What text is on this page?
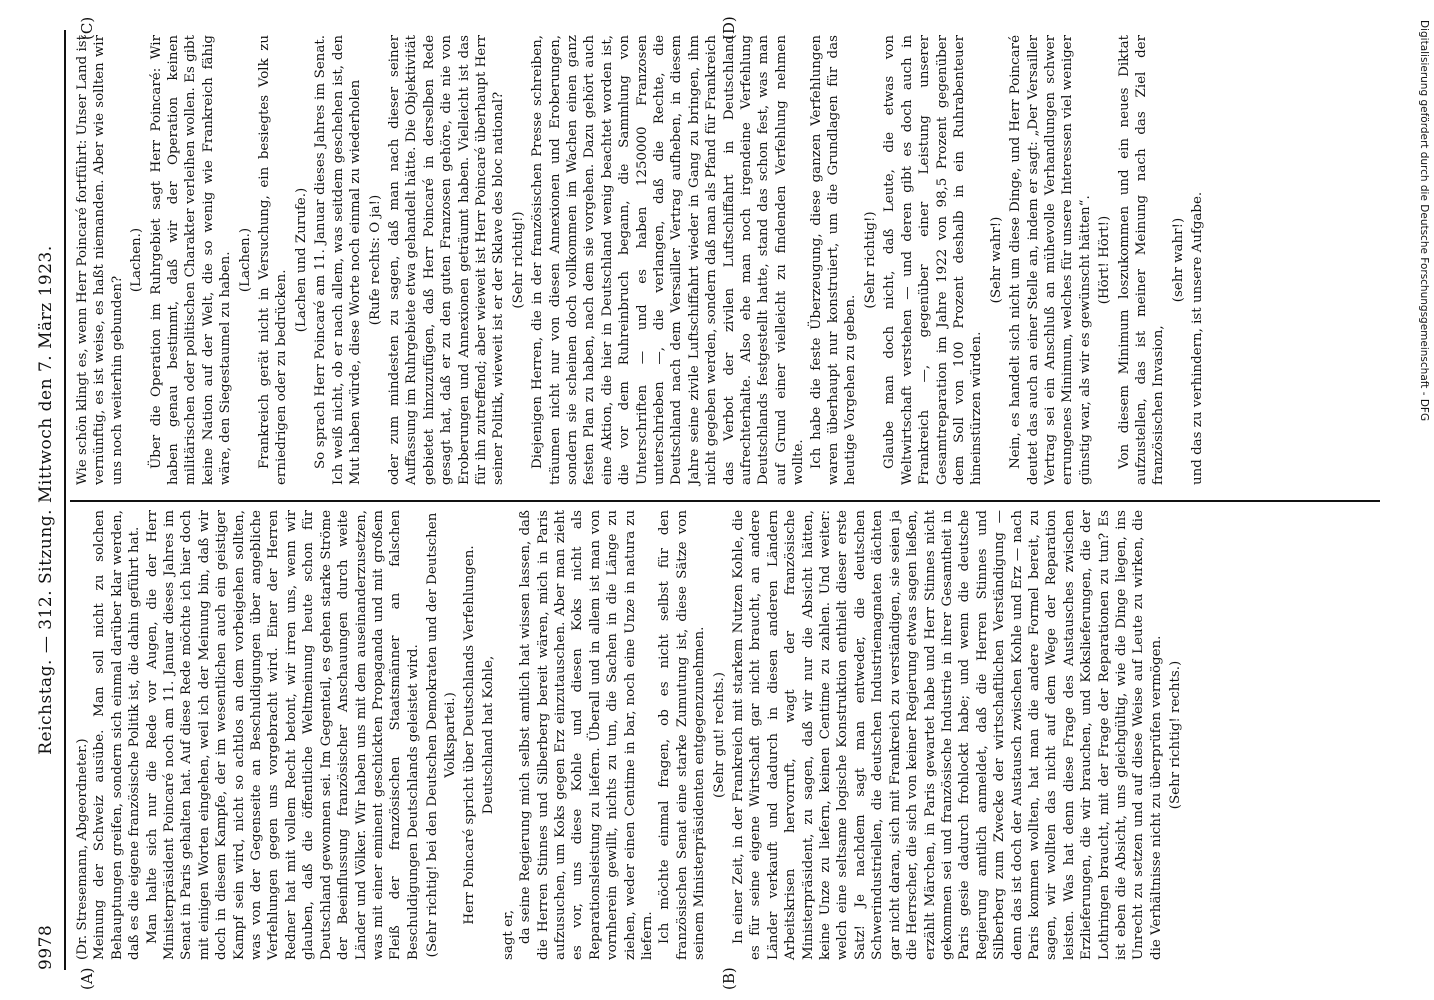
9978
Reichstag. — 312. Sitzung. Mittwoch den 7. März 1923.
(A)	(B)
(C)	(D)

(Dr. Stresemann, Abgeordneter.) Meinung der Schweiz ausübe. Man soll nicht zu solchen Behauptungen greifen, sondern sich einmal darüber klar werden, daß es die eigene französische Politik ist, die dahin geführt hat. Man halte sich nur die Rede vor Augen, die der Herr Ministerpräsident Poincaré noch am 11. Januar dieses Jahres im Senat in Paris gehalten hat. Auf diese Rede möchte ich hier doch mit einigen Worten eingehen, weil ich der Meinung bin, daß wir doch in diesem Kampfe, der im wesentlichen auch ein geistiger Kampf sein wird, nicht so achtlos an dem vorbeigehen sollten, was von der Gegenseite an Beschuldigungen über angebliche Verfehlungen gegen uns vorgebracht wird. Einer der Herren Redner hat mit vollem Recht betont, wir irren uns, wenn wir glauben, daß die öffentliche Weltmeinung heute schon für Deutschland gewonnen sei. Im Gegenteil, es gehen starke Ströme der Beeinflussung französischer Anschauungen durch weite Länder und Völker. Wir haben uns mit dem auseinanderzusetzen, was mit einer eminent geschickten Propaganda und mit großem Fleiß der französischen Staatsmänner an falschen Beschuldigungen Deutschlands geleistet wird. (Sehr richtig! bei den Deutschen Demokraten und der Deutschen Volkspartei.) Herr Poincaré spricht über Deutschlands Verfehlungen. Deutschland hat Kohle,

sagt er, da seine Regierung mich selbst amtlich hat wissen lassen, daß die Herren Stinnes und Silberberg bereit wären, mich in Paris aufzusuchen, um Koks gegen Erz einzutauschen. Aber man zieht es vor, uns diese Kohle und diesen Koks nicht als Reparationsleistung zu liefern. Überall und in allem ist man von vornherein gewillt, nichts zu tun, die Sachen in die Länge zu ziehen, weder einen Centime in bar, noch eine Unze in natura zu liefern. Ich möchte einmal fragen, ob es nicht selbst für den französischen Senat eine starke Zumutung ist, diese Sätze von seinem Ministerpräsidenten entgegenzunehmen. (Sehr gut! rechts.) In einer Zeit, in der Frankreich mit starkem Nutzen Kohle, die es für seine eigene Wirtschaft gar nicht braucht, an andere Länder verkauft und dadurch in diesen anderen Ländern Arbeitskrisen hervorruft, wagt der französische Ministerpräsident, zu sagen, daß wir nur die Absicht hätten, keine Unze zu liefern, keinen Centime zu zahlen. Und weiter: welch eine seltsame logische Konstruktion enthielt dieser erste Satz! Je nachdem sagt man entweder, die deutschen Schwerindustriellen, die deutschen Industriemagnaten dächten gar nicht daran, sich mit Frankreich zu verständigen, sie seien ja die Herrscher, die sich von keiner Regierung etwas sagen ließen, erzählt Märchen, in Paris gewartet habe und Herr Stinnes nicht gekommen sei und französische Industrie in ihrer Gesamtheit in Paris gesie dadurch frohlockt habe; und wenn die deutsche Regierung amtlich anmeldet, daß die Herren Stinnes und Silberberg zum Zwecke der wirtschaftlichen Verständigung — denn das ist doch der Austausch zwischen Kohle und Erz — nach Paris kommen wollten, hat man die andere Formel bereit, zu sagen, wir wollten das nicht auf dem Wege der Reparation leisten. Was hat denn diese Frage des Austausches zwischen Erzlieferungen, die wir brauchen, und Kokslieferungen, die der Lothringen braucht, mit der Frage der Reparationen zu tun? Es ist eben die Absicht, uns gleichgültig, wie die Dinge liegen, ins Unrecht zu setzen und auf diese Weise auf Leute zu wirken, die die Verhältnisse nicht zu überprüfen vermögen. (Sehr richtig! rechts.)

Wie schön klingt es, wenn Herr Poincaré fortführt: Unser Land ist vernünftig, es ist weise, es haßt niemanden. Aber wie sollten wir uns noch weiterhin gebunden?

(Lachen.) Über die Operation im Ruhrgebiet sagt Herr Poincaré: Wir haben genau bestimmt, daß wir der Operation keinen militärischen oder politischen Charakter verleihen wollen. Es gibt keine Nation auf der Welt, die so wenig wie Frankreich fähig wäre, den Siegestaumel zu haben. (Lachen.) Frankreich gerät nicht in Versuchung, ein besiegtes Volk zu erniedrigen oder zu bedrücken.

(Lachen und Zurufe.) So sprach Herr Poincaré am 11. Januar dieses Jahres im Senat. Ich weiß nicht, ob er nach allem, was seitdem geschehen ist, den Mut haben würde, diese Worte noch einmal zu wiederholen (Rufe rechts: O ja!) oder zum mindesten zu sagen, daß man nach dieser seiner Auffassung im Ruhrgebiete etwa gehandelt hätte. Die Objektivität gebietet hinzuzufügen, daß Herr Poincaré in derselben Rede gesagt hat, daß er zu den guten Franzosen gehöre, die nie von Eroberungen und Annexionen geträumt haben. Vielleicht ist das für ihn zutreffend; aber wieweit ist Herr Poincaré überhaupt Herr seiner Politik, wieweit ist er der Sklave des bloc national? (Sehr richtig!) Diejenigen Herren, die in der französischen Presse schreiben, träumen nicht nur von diesen Annexionen und Eroberungen, sondern sie scheinen doch vollkommen im Wachen einen ganz festen Plan zu haben, nach dem sie vorgehen. Dazu gehört auch eine Aktion, die hier in Deutschland wenig beachtet worden ist, die vor dem Ruhreinbruch begann, die Sammlung von Unterschriften — und es haben 1250000 Franzosen unterschrieben —, die verlangen, daß die Rechte, die Deutschland nach dem Versailler Vertrag aufheben, in diesem Jahre seine zivile Luftschiffahrt wieder in Gang zu bringen, ihm nicht gegeben werden, sondern daß man als Pfand für Frankreich das Verbot der zivilen Luftschiffahrt in Deutschland aufrechterhalte. Also ehe man noch irgendeine Verfehlung Deutschlands festgestellt hatte, stand das schon fest, was man auf Grund einer vielleicht zu findenden Verfehlung nehmen wollte. Ich habe die feste Überzeugung, diese ganzen Verfehlungen waren überhaupt nur konstruiert, um die Grundlagen für das heutige Vorgehen zu geben.

(Sehr richtig!) Glaube man doch nicht, daß Leute, die etwas von Weltwirtschaft verstehen — und deren gibt es doch auch in Frankreich —, gegenüber einer Leistung unserer Gesamtreparation im Jahre 1922 von 98,5 Prozent gegenüber dem Soll von 100 Prozent deshalb in ein Ruhrabenteuer hineinstürzen würden.

(Sehr wahr!) Nein, es handelt sich nicht um diese Dinge, und Herr Poincaré deutet das auch an einer Stelle an, indem er sagt: „Der Versailler Vertrag sei ein Anschluß an mühevolle Verhandlungen schwer errungenes Minimum, welches für unsere Interessen viel weniger günstig war, als wir es gewünscht hätten“. (Hört! Hört!) Von diesem Minimum loszukommen und ein neues Diktat aufzustellen, das ist meiner Meinung nach das Ziel der französischen Invasion,

(sehr wahr!) und das zu verhindern, ist unsere Aufgabe.	Digitalisierung gefördert durch die Deutsche Forschungsgemeinschaft - DFG
